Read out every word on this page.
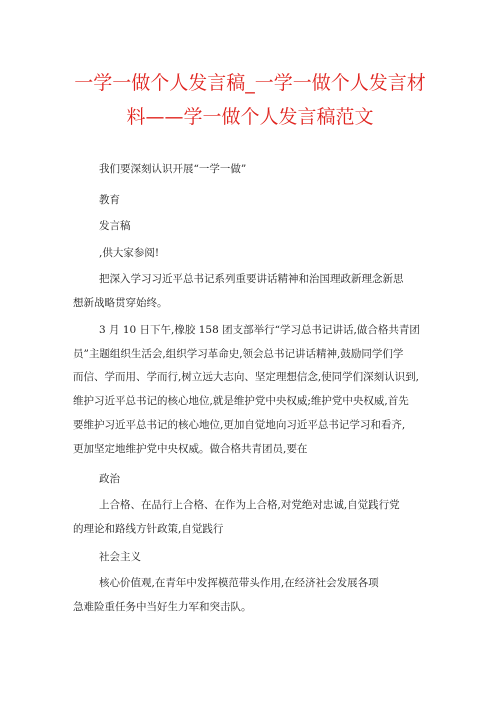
一学一做个人发言稿_一学一做个人发言材
料——学一做个人发言稿范文

我们要深刻认识开展“一学一做”

教育

发言稿

,供大家参阅!

把深入学习习近平总书记系列重要讲话精神和治国理政新理念新思

想新战略贯穿始终。

3 月 10 日下午,橡胶 158 团支部举行“学习总书记讲话,做合格共青团

员”主题组织生活会,组织学习革命史,领会总书记讲话精神,鼓励同学们学

而信、学而用、学而行,树立远大志向、坚定理想信念,使同学们深刻认识到,

维护习近平总书记的核心地位,就是维护党中央权威;维护党中央权威,首先

要维护习近平总书记的核心地位,更加自觉地向习近平总书记学习和看齐,

更加坚定地维护党中央权威。做合格共青团员,要在

政治

上合格、在品行上合格、在作为上合格,对党绝对忠诚,自觉践行党

的理论和路线方针政策,自觉践行

社会主义

核心价值观,在青年中发挥模范带头作用,在经济社会发展各项

急难险重任务中当好生力军和突击队。
